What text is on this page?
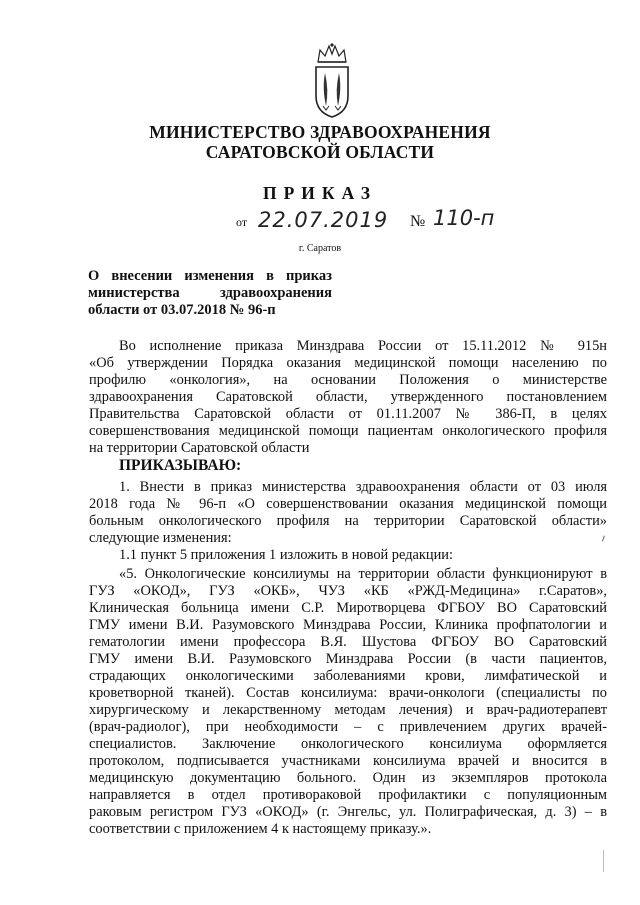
МИНИСТЕРСТВО ЗДРАВООХРАНЕНИЯ
САРАТОВСКОЙ ОБЛАСТИ
ПРИКАЗ
от 22.07.2019 № 110-п
г. Саратов
О внесении изменения в приказ
министерства здравоохранения
области от 03.07.2018 № 96-п
Во исполнение приказа Минздрава России от 15.11.2012 № 915н
«Об утверждении Порядка оказания медицинской помощи населению по
профилю «онкология», на основании Положения о министерстве
здравоохранения Саратовской области, утвержденного постановлением
Правительства Саратовской области от 01.11.2007 № 386-П, в целях
совершенствования медицинской помощи пациентам онкологического профиля
на территории Саратовской области
ПРИКАЗЫВАЮ:
1. Внести в приказ министерства здравоохранения области от 03 июля
2018 года № 96-п «О совершенствовании оказания медицинской помощи
больным онкологического профиля на территории Саратовской области»
следующие изменения:
1.1 пункт 5 приложения 1 изложить в новой редакции:
«5. Онкологические консилиумы на территории области функционируют в
ГУЗ «ОКОД», ГУЗ «ОКБ», ЧУЗ «КБ «РЖД-Медицина» г.Саратов»,
Клиническая больница имени С.Р. Миротворцева ФГБОУ ВО Саратовский
ГМУ имени В.И. Разумовского Минздрава России, Клиника профпатологии и
гематологии имени профессора В.Я. Шустова ФГБОУ ВО Саратовский
ГМУ имени В.И. Разумовского Минздрава России (в части пациентов,
страдающих онкологическими заболеваниями крови, лимфатической и
кроветворной тканей). Состав консилиума: врачи-онкологи (специалисты по
хирургическому и лекарственному методам лечения) и врач-радиотерапевт
(врач-радиолог), при необходимости – с привлечением других врачей-
специалистов. Заключение онкологического консилиума оформляется
протоколом, подписывается участниками консилиума врачей и вносится в
медицинскую документацию больного. Один из экземпляров протокола
направляется в отдел противораковой профилактики с популяционным
раковым регистром ГУЗ «ОКОД» (г. Энгельс, ул. Полиграфическая, д. 3) – в
соответствии с приложением 4 к настоящему приказу.».
